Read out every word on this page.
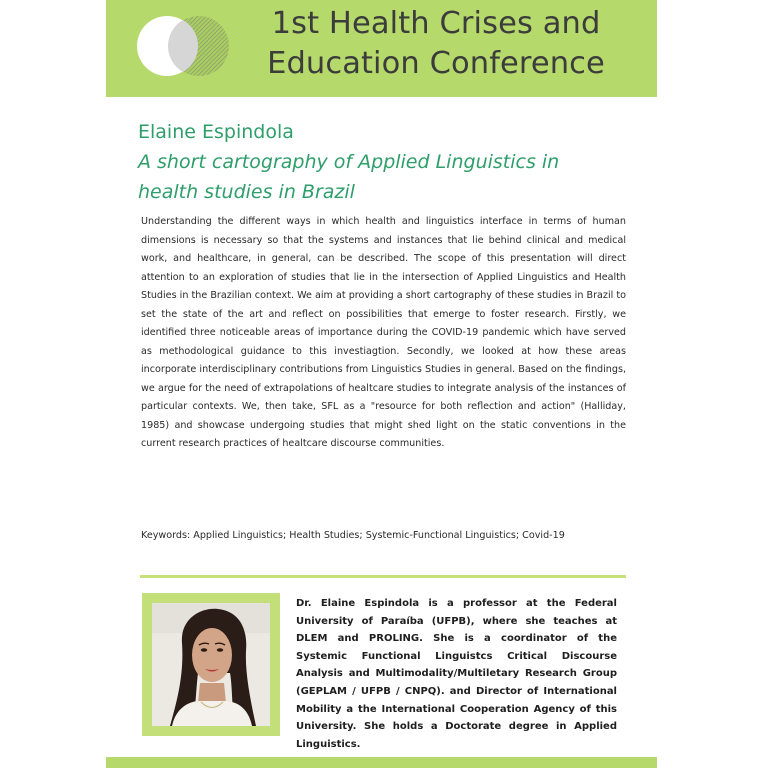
1st Health Crises and Education Conference
Elaine Espindola
A short cartography of Applied Linguistics in health studies in Brazil
Understanding the different ways in which health and linguistics interface in terms of human dimensions is necessary so that the systems and instances that lie behind clinical and medical work, and healthcare, in general, can be described. The scope of this presentation will direct attention to an exploration of studies that lie in the intersection of Applied Linguistics and Health Studies in the Brazilian context. We aim at providing a short cartography of these studies in Brazil to set the state of the art and reflect on possibilities that emerge to foster research. Firstly, we identified three noticeable areas of importance during the COVID-19 pandemic which have served as methodological guidance to this investiagtion. Secondly, we looked at how these areas incorporate interdisciplinary contributions from Linguistics Studies in general. Based on the findings, we argue for the need of extrapolations of healtcare studies to integrate analysis of the instances of particular contexts. We, then take, SFL as a "resource for both reflection and action" (Halliday, 1985) and showcase undergoing studies that might shed light on the static conventions in the current research practices of healtcare discourse communities.
Keywords: Applied Linguistics; Health Studies; Systemic-Functional Linguistics; Covid-19
Dr. Elaine Espindola is a professor at the Federal University of Paraíba (UFPB), where she teaches at DLEM and PROLING. She is a coordinator of the Systemic Functional Linguistcs Critical Discourse Analysis and Multimodality/Multiletary Research Group (GEPLAM / UFPB / CNPQ). and Director of International Mobility a the International Cooperation Agency of this University. She holds a Doctorate degree in Applied Linguistics.
